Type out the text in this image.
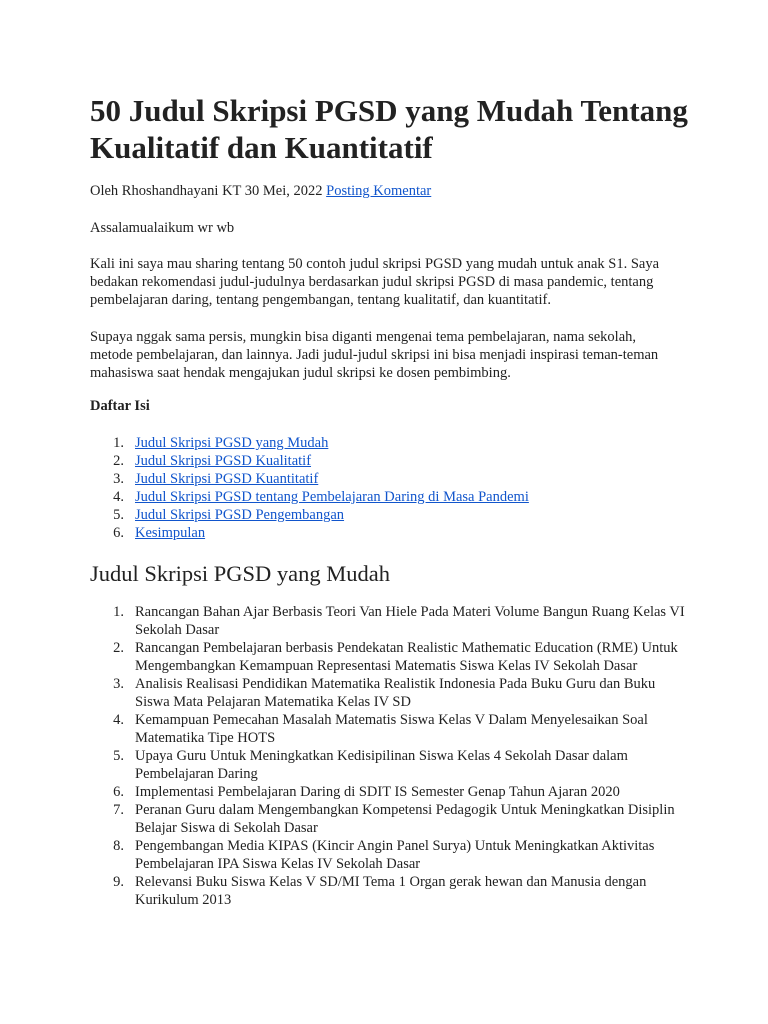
50 Judul Skripsi PGSD yang Mudah Tentang Kualitatif dan Kuantitatif
Oleh Rhoshandhayani KT 30 Mei, 2022 Posting Komentar

Assalamualaikum wr wb

Kali ini saya mau sharing tentang 50 contoh judul skripsi PGSD yang mudah untuk anak S1. Saya bedakan rekomendasi judul-judulnya berdasarkan judul skripsi PGSD di masa pandemic, tentang pembelajaran daring, tentang pengembangan, tentang kualitatif, dan kuantitatif.

Supaya nggak sama persis, mungkin bisa diganti mengenai tema pembelajaran, nama sekolah, metode pembelajaran, dan lainnya. Jadi judul-judul skripsi ini bisa menjadi inspirasi teman-teman mahasiswa saat hendak mengajukan judul skripsi ke dosen pembimbing.

Daftar Isi

1. Judul Skripsi PGSD yang Mudah
2. Judul Skripsi PGSD Kualitatif
3. Judul Skripsi PGSD Kuantitatif
4. Judul Skripsi PGSD tentang Pembelajaran Daring di Masa Pandemi
5. Judul Skripsi PGSD Pengembangan
6. Kesimpulan
Judul Skripsi PGSD yang Mudah
1. Rancangan Bahan Ajar Berbasis Teori Van Hiele Pada Materi Volume Bangun Ruang Kelas VI Sekolah Dasar
2. Rancangan Pembelajaran berbasis Pendekatan Realistic Mathematic Education (RME) Untuk Mengembangkan Kemampuan Representasi Matematis Siswa Kelas IV Sekolah Dasar
3. Analisis Realisasi Pendidikan Matematika Realistik Indonesia Pada Buku Guru dan Buku Siswa Mata Pelajaran Matematika Kelas IV SD
4. Kemampuan Pemecahan Masalah Matematis Siswa Kelas V Dalam Menyelesaikan Soal Matematika Tipe HOTS
5. Upaya Guru Untuk Meningkatkan Kedisipilinan Siswa Kelas 4 Sekolah Dasar dalam Pembelajaran Daring
6. Implementasi Pembelajaran Daring di SDIT IS Semester Genap Tahun Ajaran 2020
7. Peranan Guru dalam Mengembangkan Kompetensi Pedagogik Untuk Meningkatkan Disiplin Belajar Siswa di Sekolah Dasar
8. Pengembangan Media KIPAS (Kincir Angin Panel Surya) Untuk Meningkatkan Aktivitas Pembelajaran IPA Siswa Kelas IV Sekolah Dasar
9. Relevansi Buku Siswa Kelas V SD/MI Tema 1 Organ gerak hewan dan Manusia dengan Kurikulum 2013
